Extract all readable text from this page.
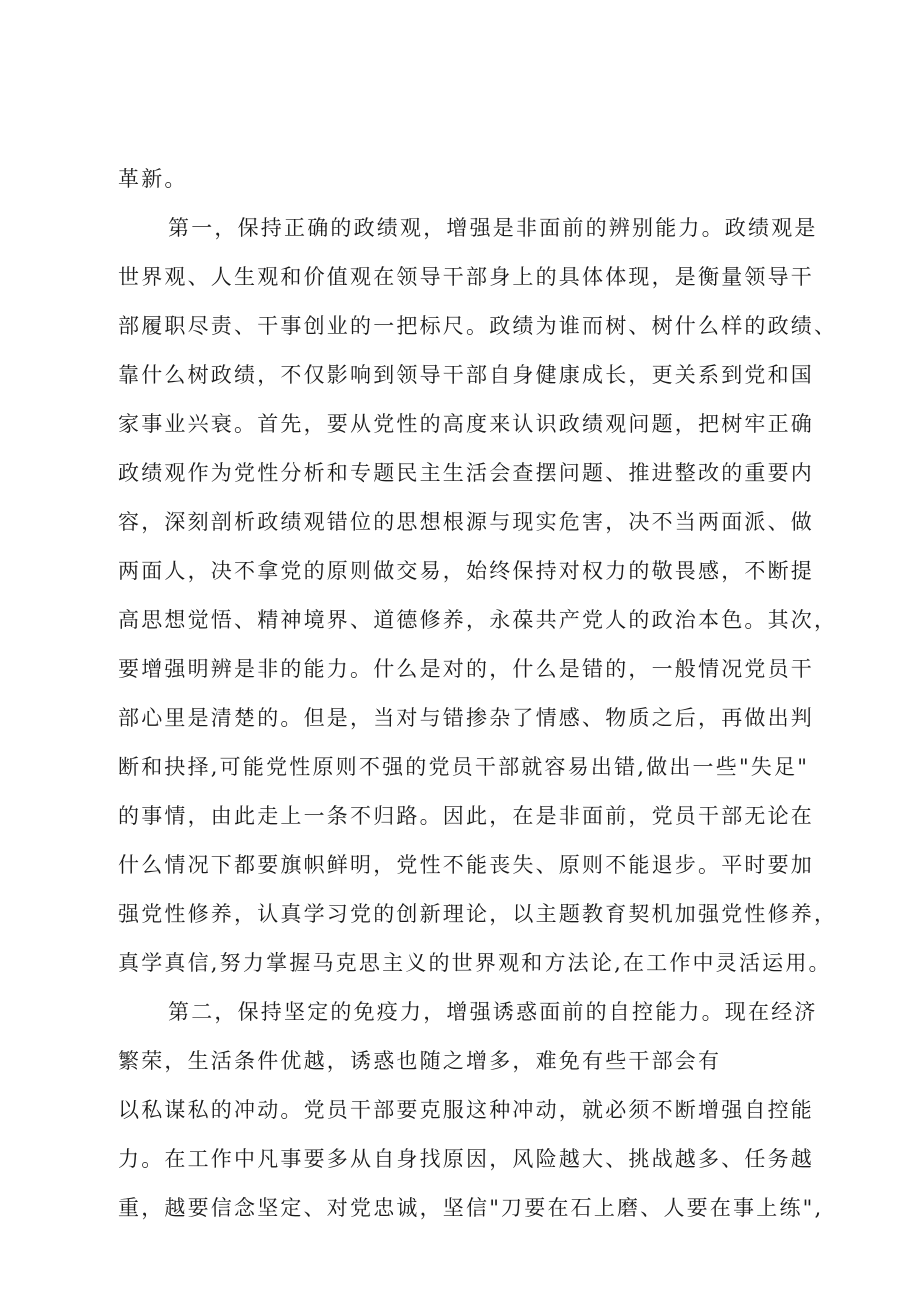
革新。
第一，保持正确的政绩观，增强是非面前的辨别能力。政绩观是
世界观、人生观和价值观在领导干部身上的具体体现，是衡量领导干
部履职尽责、干事创业的一把标尺。政绩为谁而树、树什么样的政绩、
靠什么树政绩，不仅影响到领导干部自身健康成长，更关系到党和国
家事业兴衰。首先，要从党性的高度来认识政绩观问题，把树牢正确
政绩观作为党性分析和专题民主生活会查摆问题、推进整改的重要内
容，深刻剖析政绩观错位的思想根源与现实危害，决不当两面派、做
两面人，决不拿党的原则做交易，始终保持对权力的敬畏感，不断提
高思想觉悟、精神境界、道德修养，永葆共产党人的政治本色。其次，
要增强明辨是非的能力。什么是对的，什么是错的，一般情况党员干
部心里是清楚的。但是，当对与错掺杂了情感、物质之后，再做出判
断和抉择,可能党性原则不强的党员干部就容易出错,做出一些"失足"
的事情，由此走上一条不归路。因此，在是非面前，党员干部无论在
什么情况下都要旗帜鲜明，党性不能丧失、原则不能退步。平时要加
强党性修养，认真学习党的创新理论，以主题教育契机加强党性修养，
真学真信,努力掌握马克思主义的世界观和方法论,在工作中灵活运用。
第二，保持坚定的免疫力，增强诱惑面前的自控能力。现在经济
繁荣，生活条件优越，诱惑也随之增多，难免有些干部会有
以私谋私的冲动。党员干部要克服这种冲动，就必须不断增强自控能
力。在工作中凡事要多从自身找原因，风险越大、挑战越多、任务越
重，越要信念坚定、对党忠诚，坚信"刀要在石上磨、人要在事上练",
